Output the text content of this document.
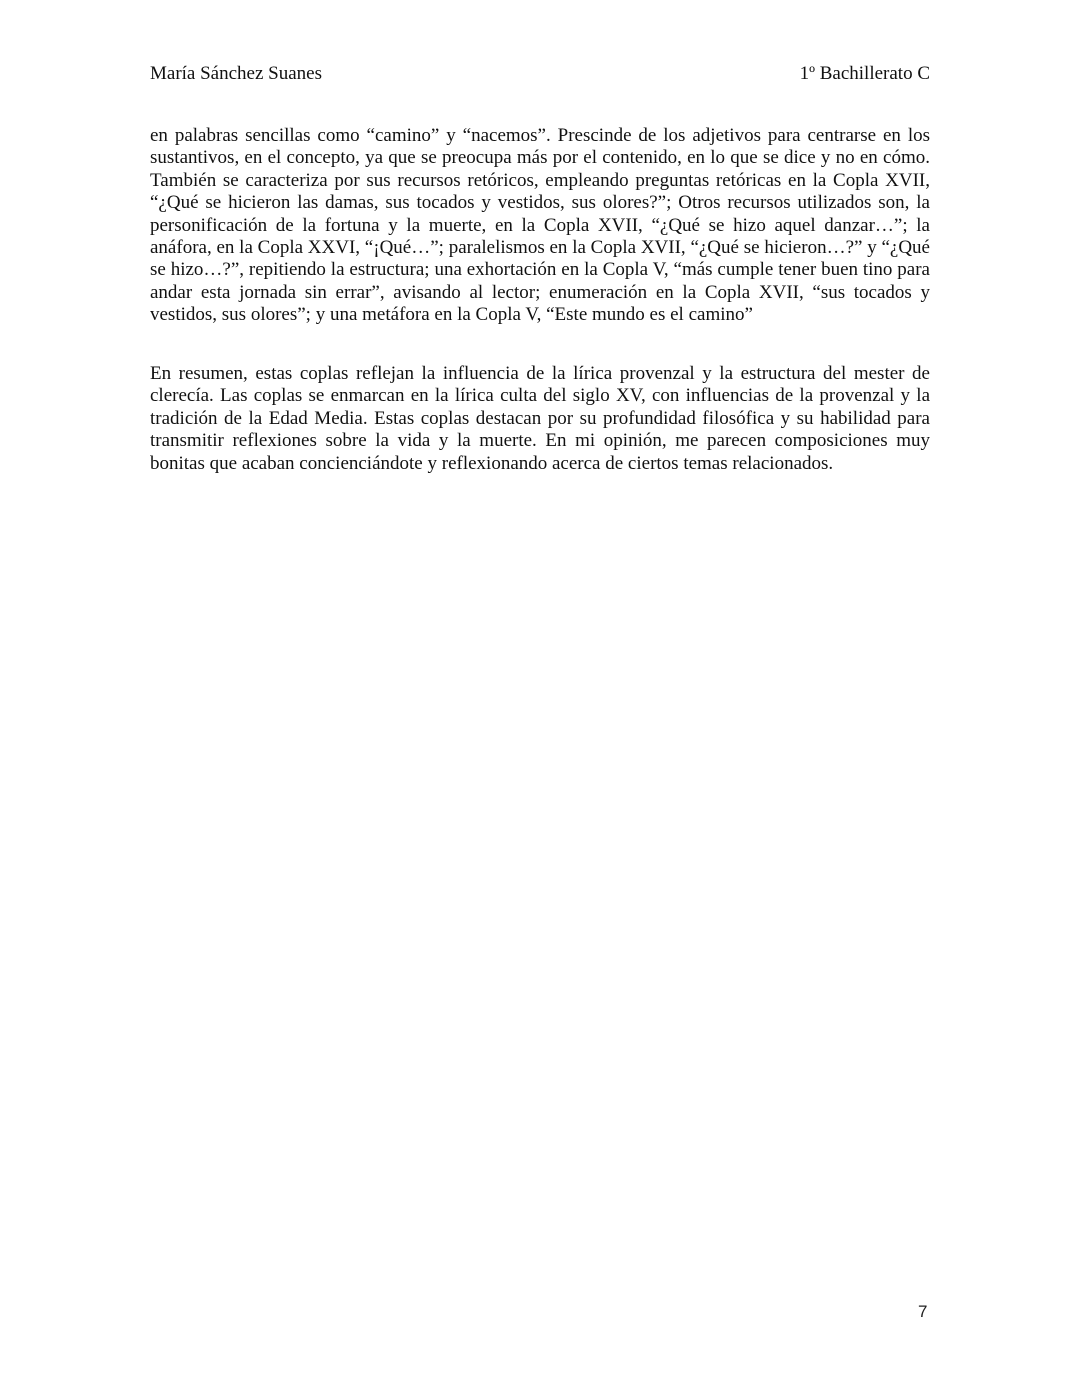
María Sánchez Suanes	1º Bachillerato C

en palabras sencillas como “camino” y “nacemos”. Prescinde de los adjetivos para centrarse en los sustantivos, en el concepto, ya que se preocupa más por el contenido, en lo que se dice y no en cómo. También se caracteriza por sus recursos retóricos, empleando preguntas retóricas en la Copla XVII, “¿Qué se hicieron las damas, sus tocados y vestidos, sus olores?”; Otros recursos utilizados son, la personificación de la fortuna y la muerte, en la Copla XVII, “¿Qué se hizo aquel danzar…”; la anáfora, en la Copla XXVI, “¡Qué…”; paralelismos en la Copla XVII, “¿Qué se hicieron…?” y “¿Qué se hizo…?”, repitiendo la estructura; una exhortación en la Copla V, “más cumple tener buen tino para andar esta jornada sin errar”, avisando al lector; enumeración en la Copla XVII, “sus tocados y vestidos, sus olores”; y una metáfora en la Copla V, “Este mundo es el camino”

En resumen, estas coplas reflejan la influencia de la lírica provenzal y la estructura del mester de clerecía. Las coplas se enmarcan en la lírica culta del siglo XV, con influencias de la provenzal y la tradición de la Edad Media. Estas coplas destacan por su profundidad filosófica y su habilidad para transmitir reflexiones sobre la vida y la muerte. En mi opinión, me parecen composiciones muy bonitas que acaban concienciándote y reflexionando acerca de ciertos temas relacionados.

7
